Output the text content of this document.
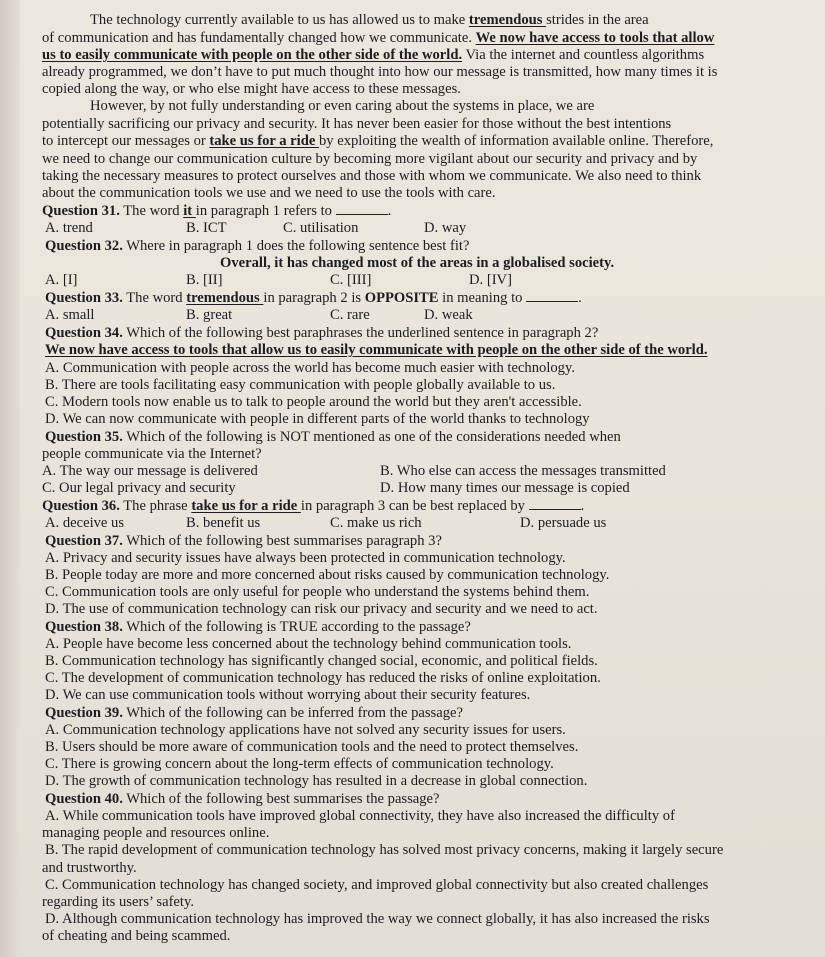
The technology currently available to us has allowed us to make tremendous strides in the area
of communication and has fundamentally changed how we communicate. We now have access to tools that allow
us to easily communicate with people on the other side of the world. Via the internet and countless algorithms
already programmed, we don’t have to put much thought into how our message is transmitted, how many times it is
copied along the way, or who else might have access to these messages.
However, by not fully understanding or even caring about the systems in place, we are
potentially sacrificing our privacy and security. It has never been easier for those without the best intentions
to intercept our messages or take us for a ride by exploiting the wealth of information available online. Therefore,
we need to change our communication culture by becoming more vigilant about our security and privacy and by
taking the necessary measures to protect ourselves and those with whom we communicate. We also need to think
about the communication tools we use and we need to use the tools with care.
Question 31. The word it in paragraph 1 refers to	.
A. trend	B. ICT	C. utilisation	D. way
Question 32. Where in paragraph 1 does the following sentence best fit?
Overall, it has changed most of the areas in a globalised society.
A. [I]	B. [II]	C. [III]	D. [IV]
Question 33. The word tremendous in paragraph 2 is OPPOSITE in meaning to	.
A. small	B. great	C. rare	D. weak
Question 34. Which of the following best paraphrases the underlined sentence in paragraph 2?
We now have access to tools that allow us to easily communicate with people on the other side of the world.
A. Communication with people across the world has become much easier with technology.
B. There are tools facilitating easy communication with people globally available to us.
C. Modern tools now enable us to talk to people around the world but they aren't accessible.
D. We can now communicate with people in different parts of the world thanks to technology
Question 35. Which of the following is NOT mentioned as one of the considerations needed when
people communicate via the Internet?
A. The way our message is delivered	B. Who else can access the messages transmitted
C. Our legal privacy and security	D. How many times our message is copied
Question 36. The phrase take us for a ride in paragraph 3 can be best replaced by	.
A. deceive us	B. benefit us	C. make us rich	D. persuade us
Question 37. Which of the following best summarises paragraph 3?
A. Privacy and security issues have always been protected in communication technology.
B. People today are more and more concerned about risks caused by communication technology.
C. Communication tools are only useful for people who understand the systems behind them.
D. The use of communication technology can risk our privacy and security and we need to act.
Question 38. Which of the following is TRUE according to the passage?
A. People have become less concerned about the technology behind communication tools.
B. Communication technology has significantly changed social, economic, and political fields.
C. The development of communication technology has reduced the risks of online exploitation.
D. We can use communication tools without worrying about their security features.
Question 39. Which of the following can be inferred from the passage?
A. Communication technology applications have not solved any security issues for users.
B. Users should be more aware of communication tools and the need to protect themselves.
C. There is growing concern about the long-term effects of communication technology.
D. The growth of communication technology has resulted in a decrease in global connection.
Question 40. Which of the following best summarises the passage?
A. While communication tools have improved global connectivity, they have also increased the difficulty of
managing people and resources online.
B. The rapid development of communication technology has solved most privacy concerns, making it largely secure
and trustworthy.
C. Communication technology has changed society, and improved global connectivity but also created challenges
regarding its users’ safety.
D. Although communication technology has improved the way we connect globally, it has also increased the risks
of cheating and being scammed.
